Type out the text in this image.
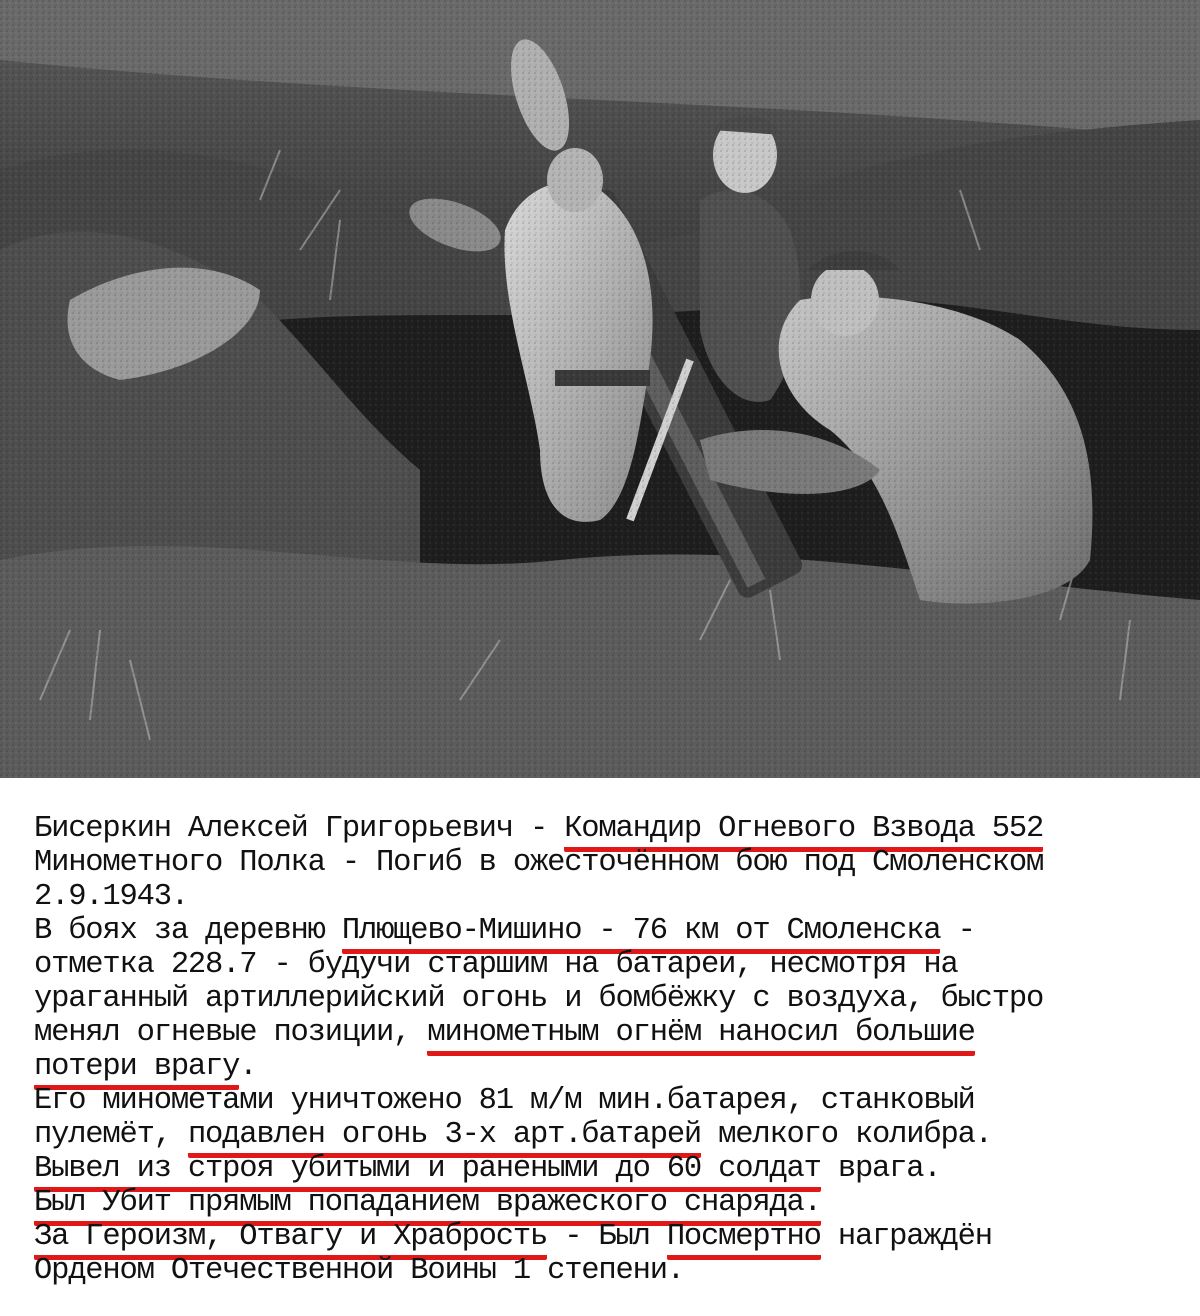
Бисеркин Алексей Григорьевич - Командир Огневого Взвода 552
Минометного Полка - Погиб в ожесточённом бою под Смоленском
2.9.1943.
В боях за деревню Плющево-Мишино - 76 км от Смоленска -
отметка 228.7 - будучи старшим на батареи, несмотря на
ураганный артиллерийский огонь и бомбёжку с воздуха, быстро
менял огневые позиции, минометным огнём наносил большие
потери врагу.
Его минометами уничтожено 81 м/м мин.батарея, станковый
пулемёт, подавлен огонь 3-х арт.батарей мелкого колибра.
Вывел из строя убитыми и ранеными до 60 солдат врага.
Был Убит прямым попаданием вражеского снаряда.
За Героизм, Отвагу и Храбрость - Был Посмертно награждён
Орденом Отечественной Воины 1 степени.
